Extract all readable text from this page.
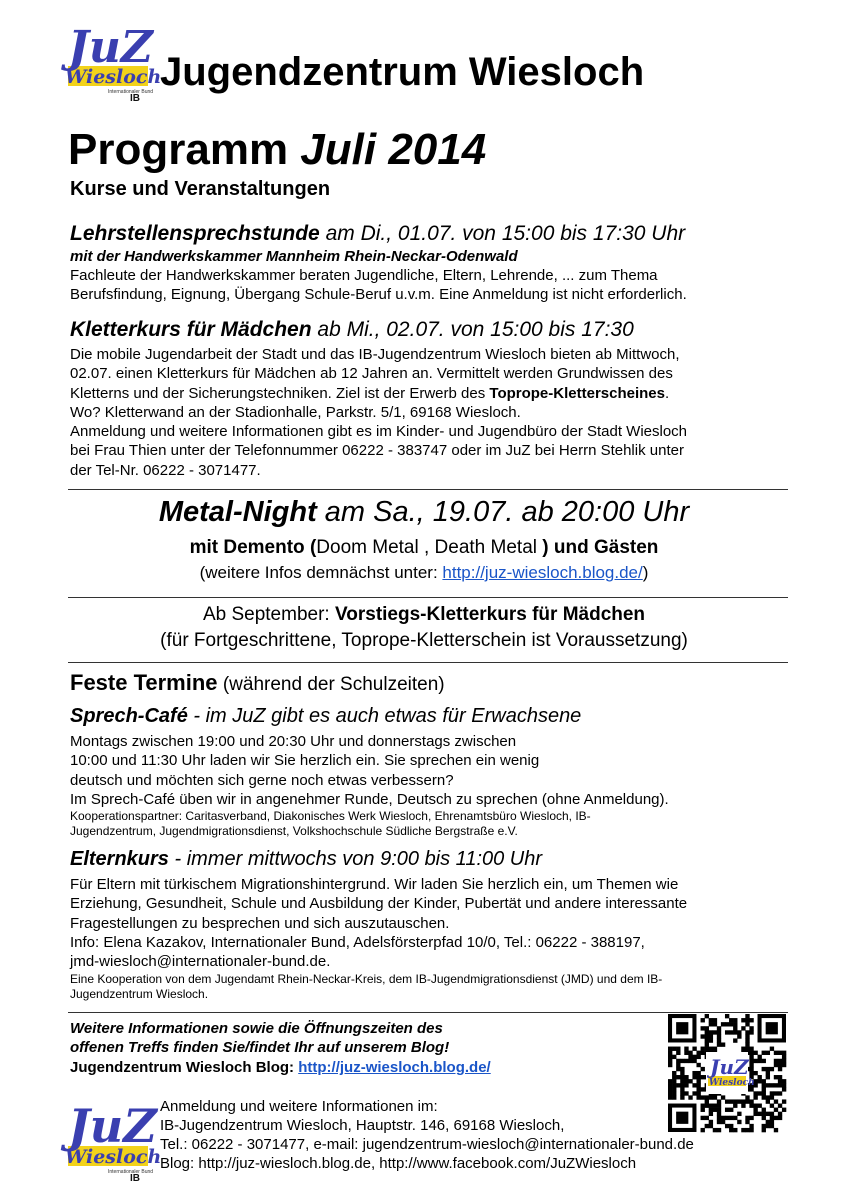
JuZ
Wiesloch
Internationaler Bund
IB
Jugendzentrum Wiesloch
Programm Juli 2014
Kurse und Veranstaltungen
Lehrstellensprechstunde am Di., 01.07. von 15:00 bis 17:30 Uhr
mit der Handwerkskammer Mannheim Rhein-Neckar-Odenwald
Fachleute der Handwerkskammer beraten Jugendliche, Eltern, Lehrende, ... zum Thema
Berufsfindung, Eignung, Übergang Schule-Beruf u.v.m. Eine Anmeldung ist nicht erforderlich.
Kletterkurs für Mädchen ab Mi., 02.07. von 15:00 bis 17:30
Die mobile Jugendarbeit der Stadt und das IB-Jugendzentrum Wiesloch bieten ab Mittwoch,
02.07. einen Kletterkurs für Mädchen ab 12 Jahren an. Vermittelt werden Grundwissen des
Kletterns und der Sicherungstechniken. Ziel ist der Erwerb des Toprope-Kletterscheines.
Wo? Kletterwand an der Stadionhalle, Parkstr. 5/1, 69168 Wiesloch.
Anmeldung und weitere Informationen gibt es im Kinder- und Jugendbüro der Stadt Wiesloch
bei Frau Thien unter der Telefonnummer 06222 - 383747 oder im JuZ bei Herrn Stehlik unter
der Tel-Nr. 06222 - 3071477.
Metal-Night am Sa., 19.07. ab 20:00 Uhr
mit Demento (Doom Metal , Death Metal ) und Gästen
(weitere Infos demnächst unter: http://juz-wiesloch.blog.de/)
Ab September: Vorstiegs-Kletterkurs für Mädchen
(für Fortgeschrittene, Toprope-Kletterschein ist Voraussetzung)
Feste Termine (während der Schulzeiten)
Sprech-Café - im JuZ gibt es auch etwas für Erwachsene
Montags zwischen 19:00 und 20:30 Uhr und donnerstags zwischen
10:00 und 11:30 Uhr laden wir Sie herzlich ein. Sie sprechen ein wenig
deutsch und möchten sich gerne noch etwas verbessern?
Im Sprech-Café üben wir in angenehmer Runde, Deutsch zu sprechen (ohne Anmeldung).
Kooperationspartner: Caritasverband, Diakonisches Werk Wiesloch, Ehrenamtsbüro Wiesloch, IB-
Jugendzentrum, Jugendmigrationsdienst, Volkshochschule Südliche Bergstraße e.V.
Elternkurs - immer mittwochs von 9:00 bis 11:00 Uhr
Für Eltern mit türkischem Migrationshintergrund. Wir laden Sie herzlich ein, um Themen wie
Erziehung, Gesundheit, Schule und Ausbildung der Kinder, Pubertät und andere interessante
Fragestellungen zu besprechen und sich auszutauschen.
Info: Elena Kazakov, Internationaler Bund, Adelsförsterpfad 10/0, Tel.: 06222 - 388197,
jmd-wiesloch@internationaler-bund.de.
Eine Kooperation von dem Jugendamt Rhein-Neckar-Kreis, dem IB-Jugendmigrationsdienst (JMD) und dem IB-
Jugendzentrum Wiesloch.
Weitere Informationen sowie die Öffnungszeiten des
offenen Treffs finden Sie/findet Ihr auf unserem Blog!
Jugendzentrum Wiesloch Blog: http://juz-wiesloch.blog.de/	JuZ
Wiesloch
JuZ
Wiesloch
Internationaler Bund
IB
Anmeldung und weitere Informationen im:
IB-Jugendzentrum Wiesloch, Hauptstr. 146, 69168 Wiesloch,
Tel.: 06222 - 3071477, e-mail: jugendzentrum-wiesloch@internationaler-bund.de
Blog: http://juz-wiesloch.blog.de, http://www.facebook.com/JuZWiesloch
